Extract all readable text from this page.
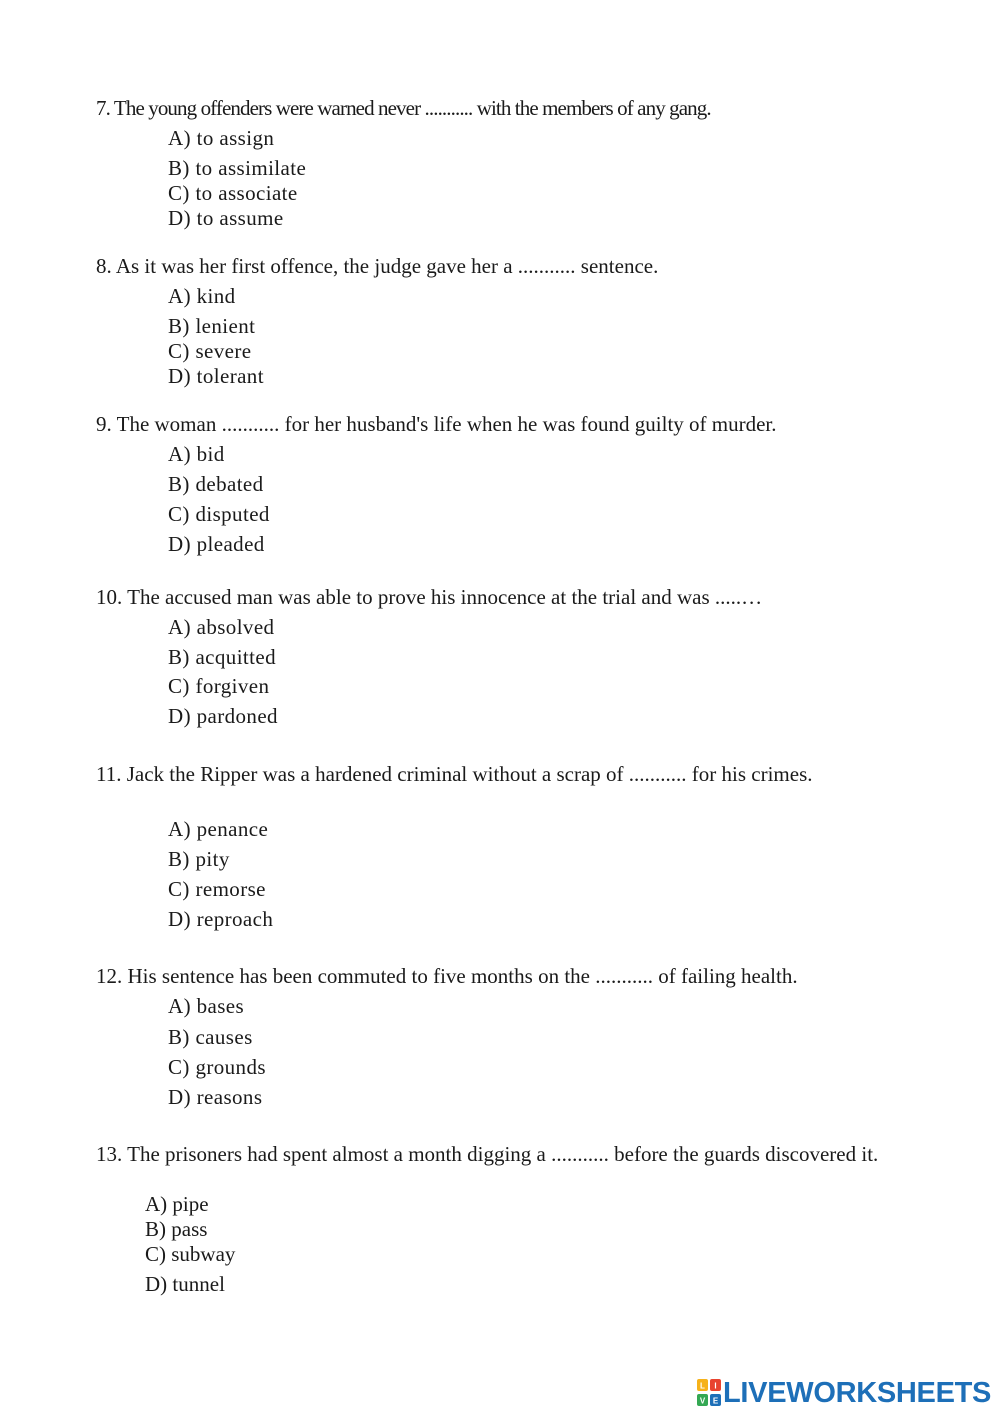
7. The young offenders were warned never ........... with the members of any gang.

A) to assign
B) to assimilate
C) to associate
D) to assume

8. As it was her first offence, the judge gave her a ........... sentence.

A) kind
B) lenient
C) severe
D) tolerant

9. The woman ........... for her husband's life when he was found guilty of murder.

A) bid
B) debated
C) disputed
D) pleaded

10. The accused man was able to prove his innocence at the trial and was .....…

A) absolved
B) acquitted
C) forgiven
D) pardoned

11. Jack the Ripper was a hardened criminal without a scrap of ........... for his crimes.

A) penance
B) pity
C) remorse
D) reproach

12. His sentence has been commuted to five months on the ........... of failing health.

A) bases
B) causes
C) grounds
D) reasons

13. The prisoners had spent almost a month digging a ........... before the guards discovered it.

A) pipe
B) pass
C) subway
D) tunnel
L I
V E LIVEWORKSHEETS
